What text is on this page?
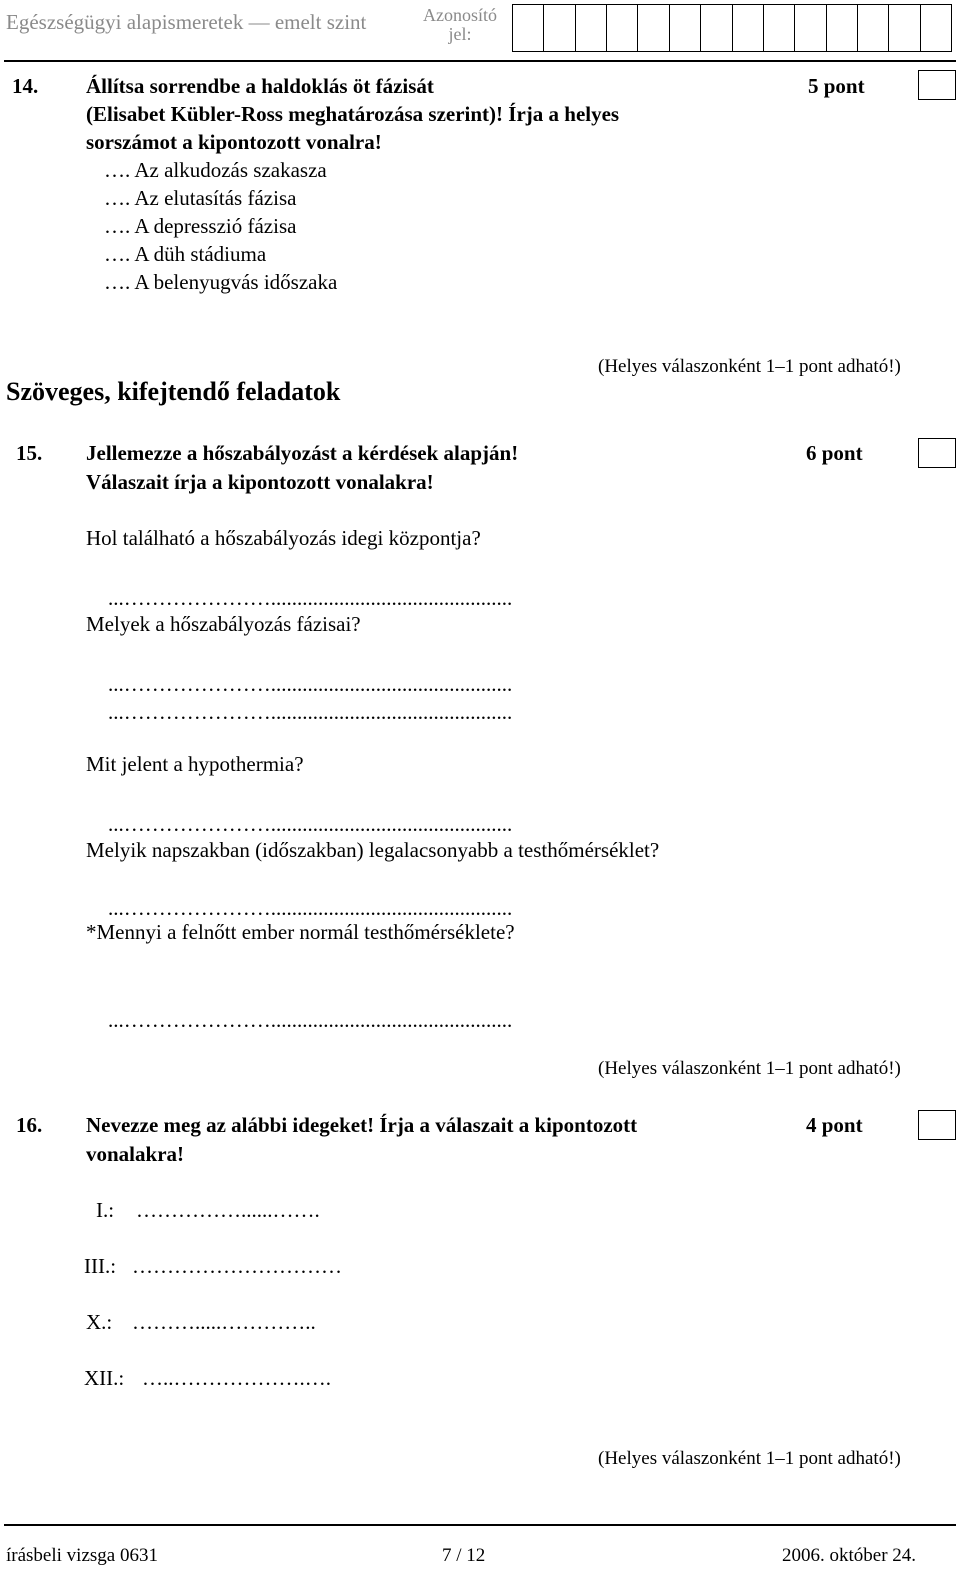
Egészségügyi alapismeretek — emelt szint	Azonosító
jel:
14. Állítsa sorrendbe a haldoklás öt fázisát
(Elisabet Kübler-Ross meghatározása szerint)! Írja a helyes
sorszámot a kipontozott vonalra!
5 pont
…. Az alkudozás szakasza
…. Az elutasítás fázisa
…. A depresszió fázisa
…. A düh stádiuma
…. A belenyugvás időszaka
(Helyes válaszonként 1–1 pont adható!)
Szöveges, kifejtendő feladatok
15. Jellemezze a hőszabályozást a kérdések alapján!
Válaszait írja a kipontozott vonalakra!
6 pont
Hol található a hőszabályozás idegi központja?
...…………………..............................................
Melyek a hőszabályozás fázisai?
...…………………..............................................
...…………………..............................................
Mit jelent a hypothermia?
...…………………..............................................
Melyik napszakban (időszakban) legalacsonyabb a testhőmérséklet?
...…………………..............................................
*Mennyi a felnőtt ember normál testhőmérséklete?
...…………………..............................................
(Helyes válaszonként 1–1 pont adható!)
16. Nevezze meg az alábbi idegeket! Írja a válaszait a kipontozott
vonalakra!
4 pont
I.: ……………......…….
III.: …………………………
X.: ……….....…………..
XII.: …..……………….….
(Helyes válaszonként 1–1 pont adható!)
írásbeli vizsga 0631	7 / 12	2006. október 24.
